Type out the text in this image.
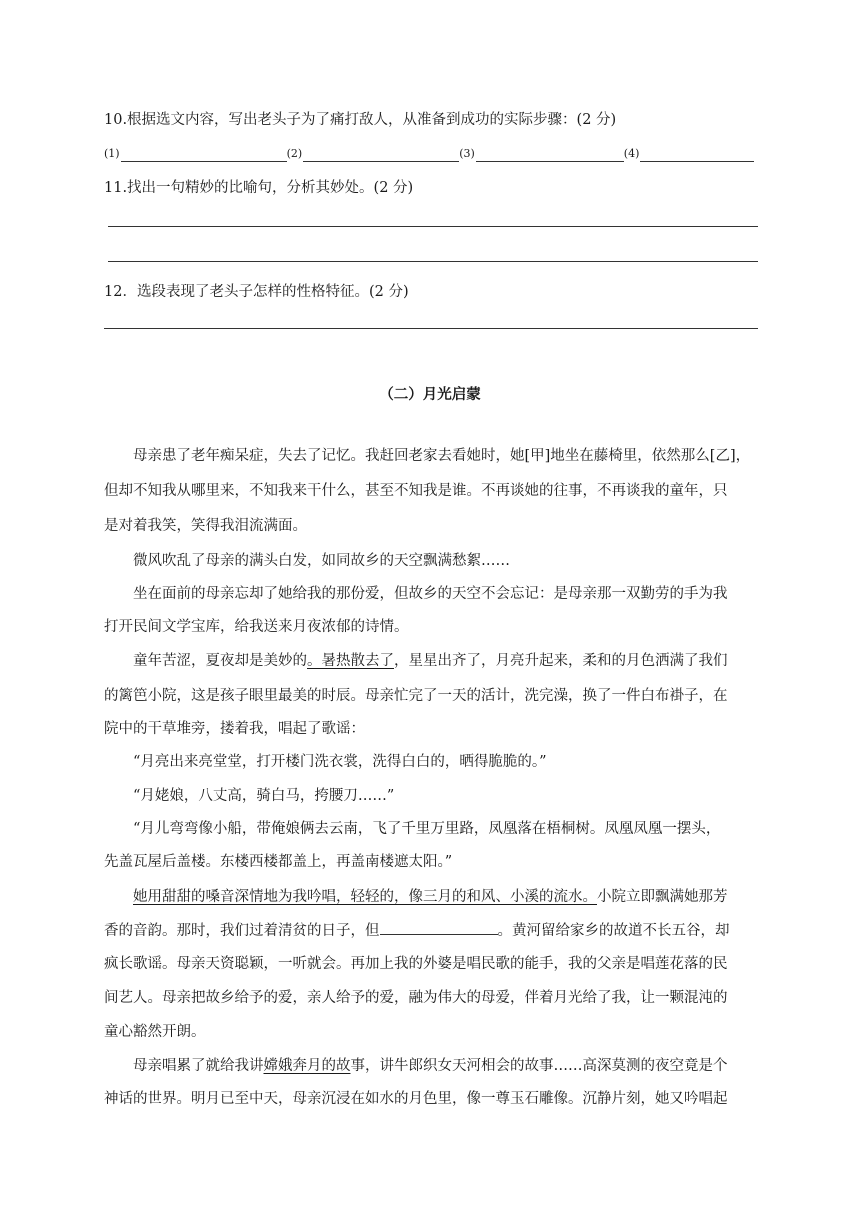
10.根据选文内容，写出老头子为了痛打敌人，从准备到成功的实际步骤：(2 分)
(1)	(2)	(3)	(4)
11.找出一句精妙的比喻句，分析其妙处。(2 分)
12．选段表现了老头子怎样的性格特征。(2 分)
（二）月光启蒙
母亲患了老年痴呆症，失去了记忆。我赶回老家去看她时，她[甲]地坐在藤椅里，依然那么[乙]，
但却不知我从哪里来，不知我来干什么，甚至不知我是谁。不再谈她的往事，不再谈我的童年，只
是对着我笑，笑得我泪流满面。
微风吹乱了母亲的满头白发，如同故乡的天空飘满愁絮……
坐在面前的母亲忘却了她给我的那份爱，但故乡的天空不会忘记：是母亲那一双勤劳的手为我
打开民间文学宝库，给我送来月夜浓郁的诗情。
童年苦涩，夏夜却是美妙的。暑热散去了，星星出齐了，月亮升起来，柔和的月色洒满了我们
的篱笆小院，这是孩子眼里最美的时辰。母亲忙完了一天的活计，洗完澡，换了一件白布褂子，在
院中的干草堆旁，搂着我，唱起了歌谣：
“月亮出来亮堂堂，打开楼门洗衣裳，洗得白白的，晒得脆脆的。”
“月姥娘，八丈高，骑白马，挎腰刀……”
“月儿弯弯像小船，带俺娘俩去云南，飞了千里万里路，凤凰落在梧桐树。凤凰凤凰一摆头，
先盖瓦屋后盖楼。东楼西楼都盖上，再盖南楼遮太阳。”
她用甜甜的嗓音深情地为我吟唱，轻轻的，像三月的和风、小溪的流水。小院立即飘满她那芳
香的音韵。那时，我们过着清贫的日子，但	。黄河留给家乡的故道不长五谷，却
疯长歌谣。母亲天资聪颖，一听就会。再加上我的外婆是唱民歌的能手，我的父亲是唱莲花落的民
间艺人。母亲把故乡给予的爱，亲人给予的爱，融为伟大的母爱，伴着月光给了我，让一颗混沌的
童心豁然开朗。
母亲唱累了就给我讲嫦娥奔月的故事，讲牛郎织女天河相会的故事……高深莫测的夜空竟是个
神话的世界。明月已至中天，母亲沉浸在如水的月色里，像一尊玉石雕像。沉静片刻，她又吟唱起
